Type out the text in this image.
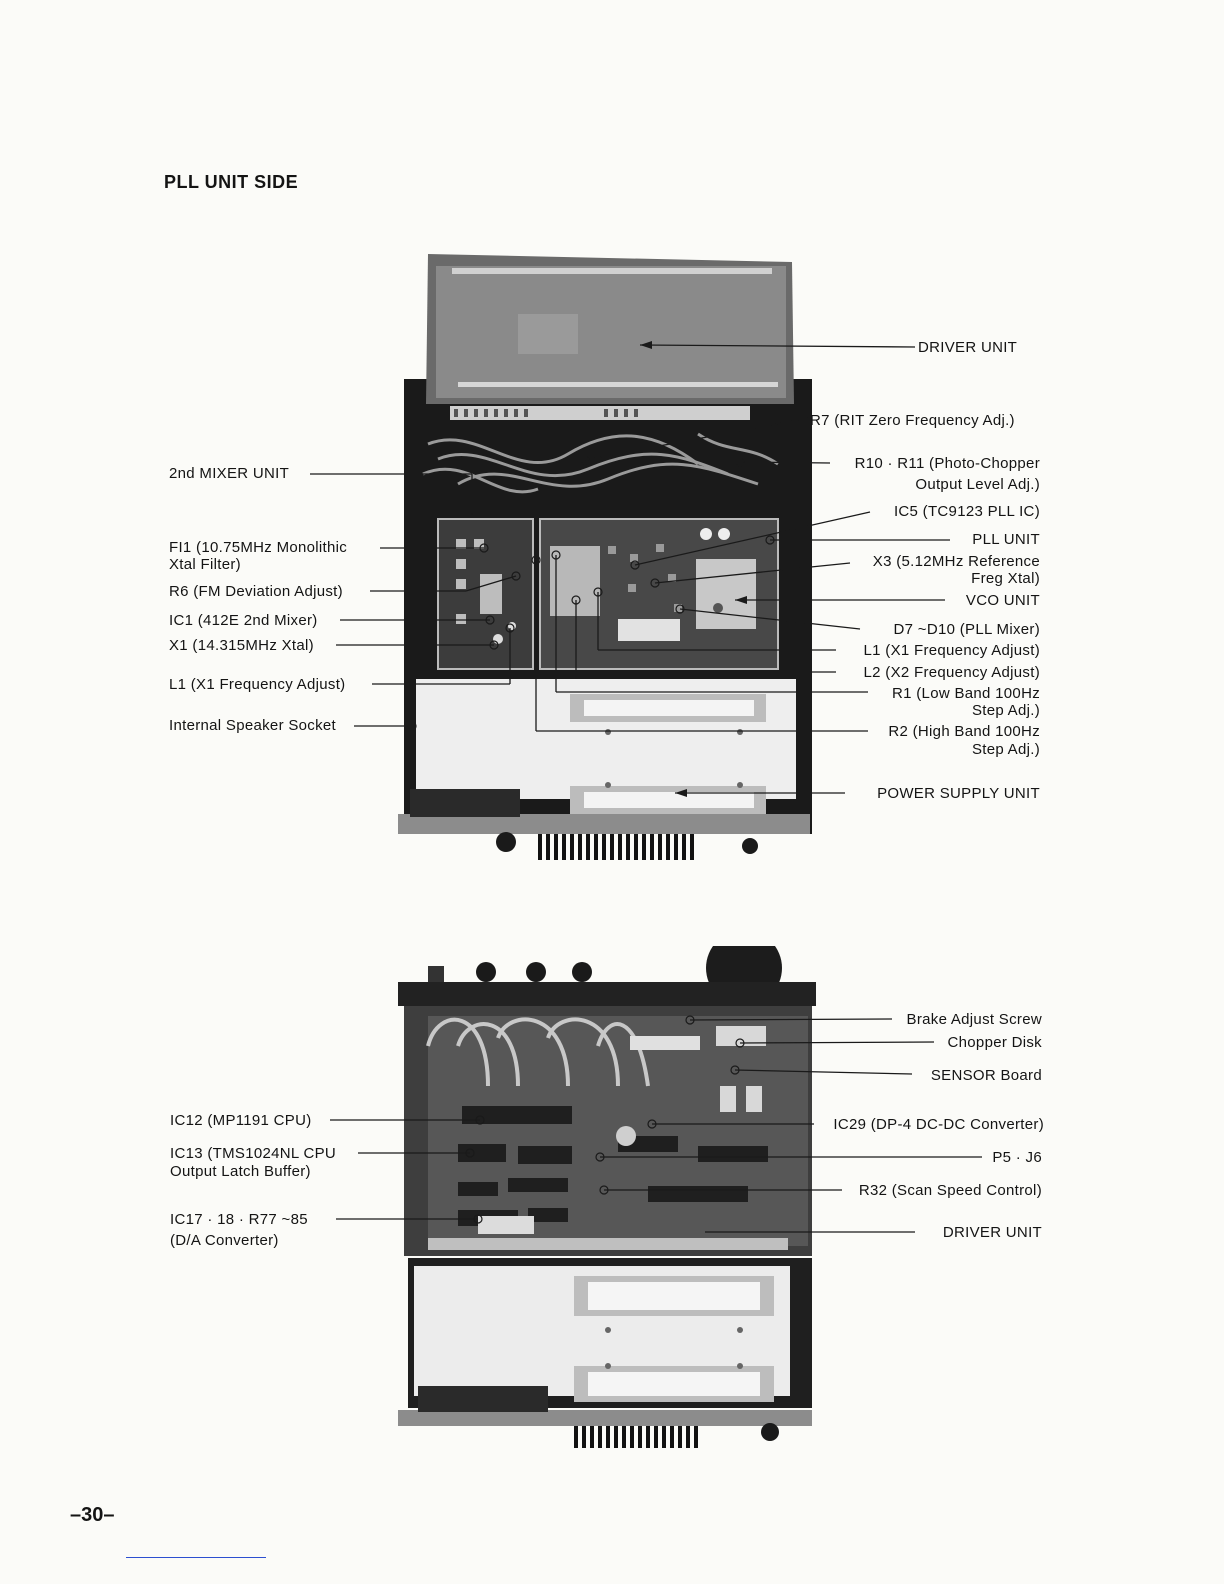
PLL UNIT SIDE
DRIVER UNIT
R7 (RIT Zero Frequency Adj.)
R10 · R11 (Photo-Chopper
Output Level Adj.)
IC5 (TC9123 PLL IC)
PLL UNIT
X3 (5.12MHz Reference
Freg Xtal)
VCO UNIT
D7 ~D10 (PLL Mixer)
L1 (X1 Frequency Adjust)
L2 (X2 Frequency Adjust)
R1 (Low Band 100Hz
Step Adj.)
R2 (High Band 100Hz
Step Adj.)
POWER SUPPLY UNIT
2nd MIXER UNIT
FI1 (10.75MHz Monolithic
Xtal Filter)
R6 (FM Deviation Adjust)
IC1 (412E 2nd Mixer)
X1 (14.315MHz Xtal)
L1 (X1 Frequency Adjust)
Internal Speaker Socket
Brake Adjust Screw
Chopper Disk
SENSOR Board
IC29 (DP-4 DC-DC Converter)
P5 · J6
R32 (Scan Speed Control)
DRIVER UNIT
IC12 (MP1191 CPU)
IC13 (TMS1024NL CPU
Output Latch Buffer)
IC17 · 18 · R77 ~85
(D/A Converter)
–30–
